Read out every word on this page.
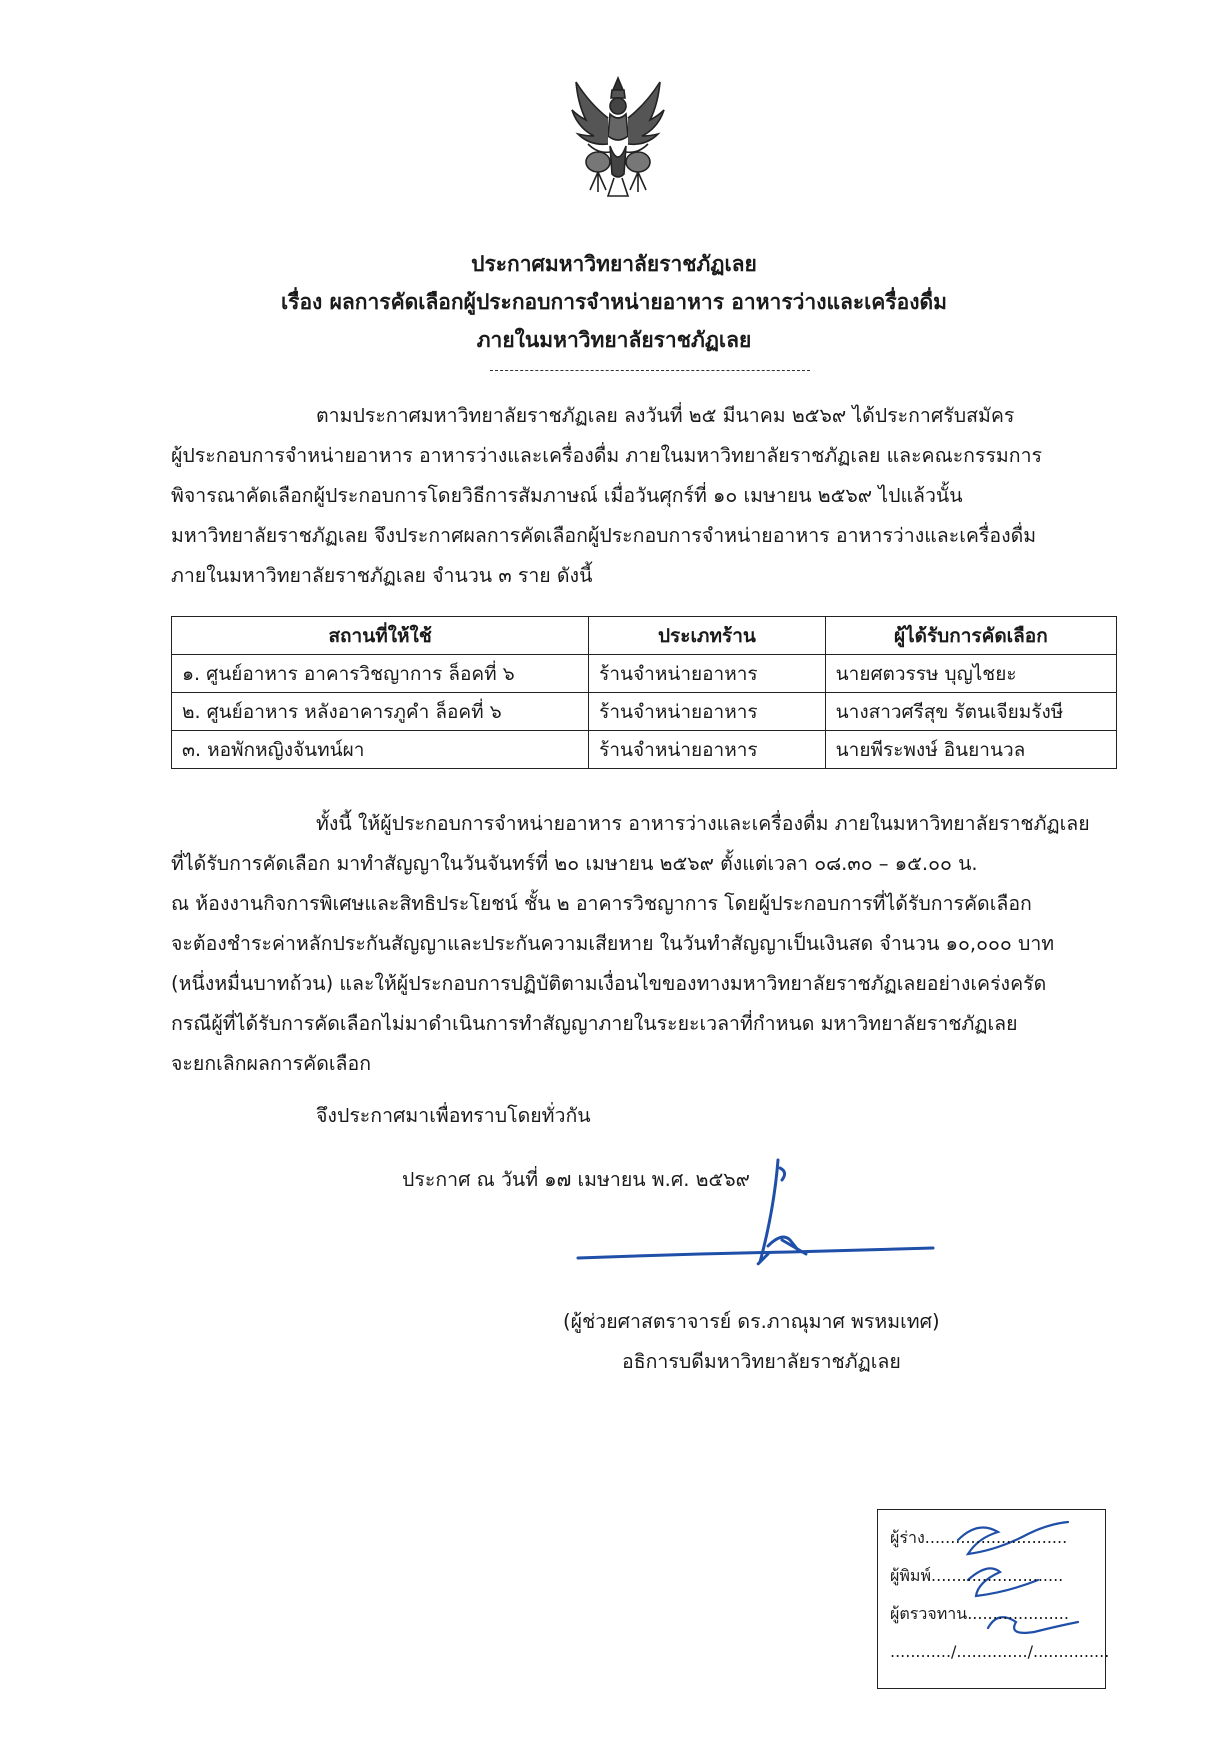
ประกาศมหาวิทยาลัยราชภัฏเลย
เรื่อง ผลการคัดเลือกผู้ประกอบการจำหน่ายอาหาร อาหารว่างและเครื่องดื่ม
ภายในมหาวิทยาลัยราชภัฏเลย
ตามประกาศมหาวิทยาลัยราชภัฏเลย ลงวันที่ ๒๕ มีนาคม ๒๕๖๙ ได้ประกาศรับสมัคร
ผู้ประกอบการจำหน่ายอาหาร อาหารว่างและเครื่องดื่ม ภายในมหาวิทยาลัยราชภัฏเลย และคณะกรรมการ
พิจารณาคัดเลือกผู้ประกอบการโดยวิธีการสัมภาษณ์ เมื่อวันศุกร์ที่ ๑๐ เมษายน ๒๕๖๙ ไปแล้วนั้น
มหาวิทยาลัยราชภัฏเลย จึงประกาศผลการคัดเลือกผู้ประกอบการจำหน่ายอาหาร อาหารว่างและเครื่องดื่ม
ภายในมหาวิทยาลัยราชภัฏเลย จำนวน ๓ ราย ดังนี้
สถานที่ให้ใช้	ประเภทร้าน	ผู้ได้รับการคัดเลือก
๑. ศูนย์อาหาร อาคารวิชญาการ ล็อคที่ ๖	ร้านจำหน่ายอาหาร	นายศตวรรษ บุญไชยะ
๒. ศูนย์อาหาร หลังอาคารภูคำ ล็อคที่ ๖	ร้านจำหน่ายอาหาร	นางสาวศรีสุข รัตนเจียมรังษี
๓. หอพักหญิงจันทน์ผา	ร้านจำหน่ายอาหาร	นายพีระพงษ์ อินยานวล
ทั้งนี้ ให้ผู้ประกอบการจำหน่ายอาหาร อาหารว่างและเครื่องดื่ม ภายในมหาวิทยาลัยราชภัฏเลย
ที่ได้รับการคัดเลือก มาทำสัญญาในวันจันทร์ที่ ๒๐ เมษายน ๒๕๖๙ ตั้งแต่เวลา ๐๘.๓๐ – ๑๕.๐๐ น.
ณ ห้องงานกิจการพิเศษและสิทธิประโยชน์ ชั้น ๒ อาคารวิชญาการ โดยผู้ประกอบการที่ได้รับการคัดเลือก
จะต้องชำระค่าหลักประกันสัญญาและประกันความเสียหาย ในวันทำสัญญาเป็นเงินสด จำนวน ๑๐,๐๐๐ บาท
(หนึ่งหมื่นบาทถ้วน) และให้ผู้ประกอบการปฏิบัติตามเงื่อนไขของทางมหาวิทยาลัยราชภัฏเลยอย่างเคร่งครัด
กรณีผู้ที่ได้รับการคัดเลือกไม่มาดำเนินการทำสัญญาภายในระยะเวลาที่กำหนด มหาวิทยาลัยราชภัฏเลย
จะยกเลิกผลการคัดเลือก
จึงประกาศมาเพื่อทราบโดยทั่วกัน
ประกาศ ณ วันที่ ๑๗ เมษายน พ.ศ. ๒๕๖๙
(ผู้ช่วยศาสตราจารย์ ดร.ภาณุมาศ พรหมเทศ)
อธิการบดีมหาวิทยาลัยราชภัฏเลย
ผู้ร่าง............................
ผู้พิมพ์..........................
ผู้ตรวจทาน....................
............/............../...............
